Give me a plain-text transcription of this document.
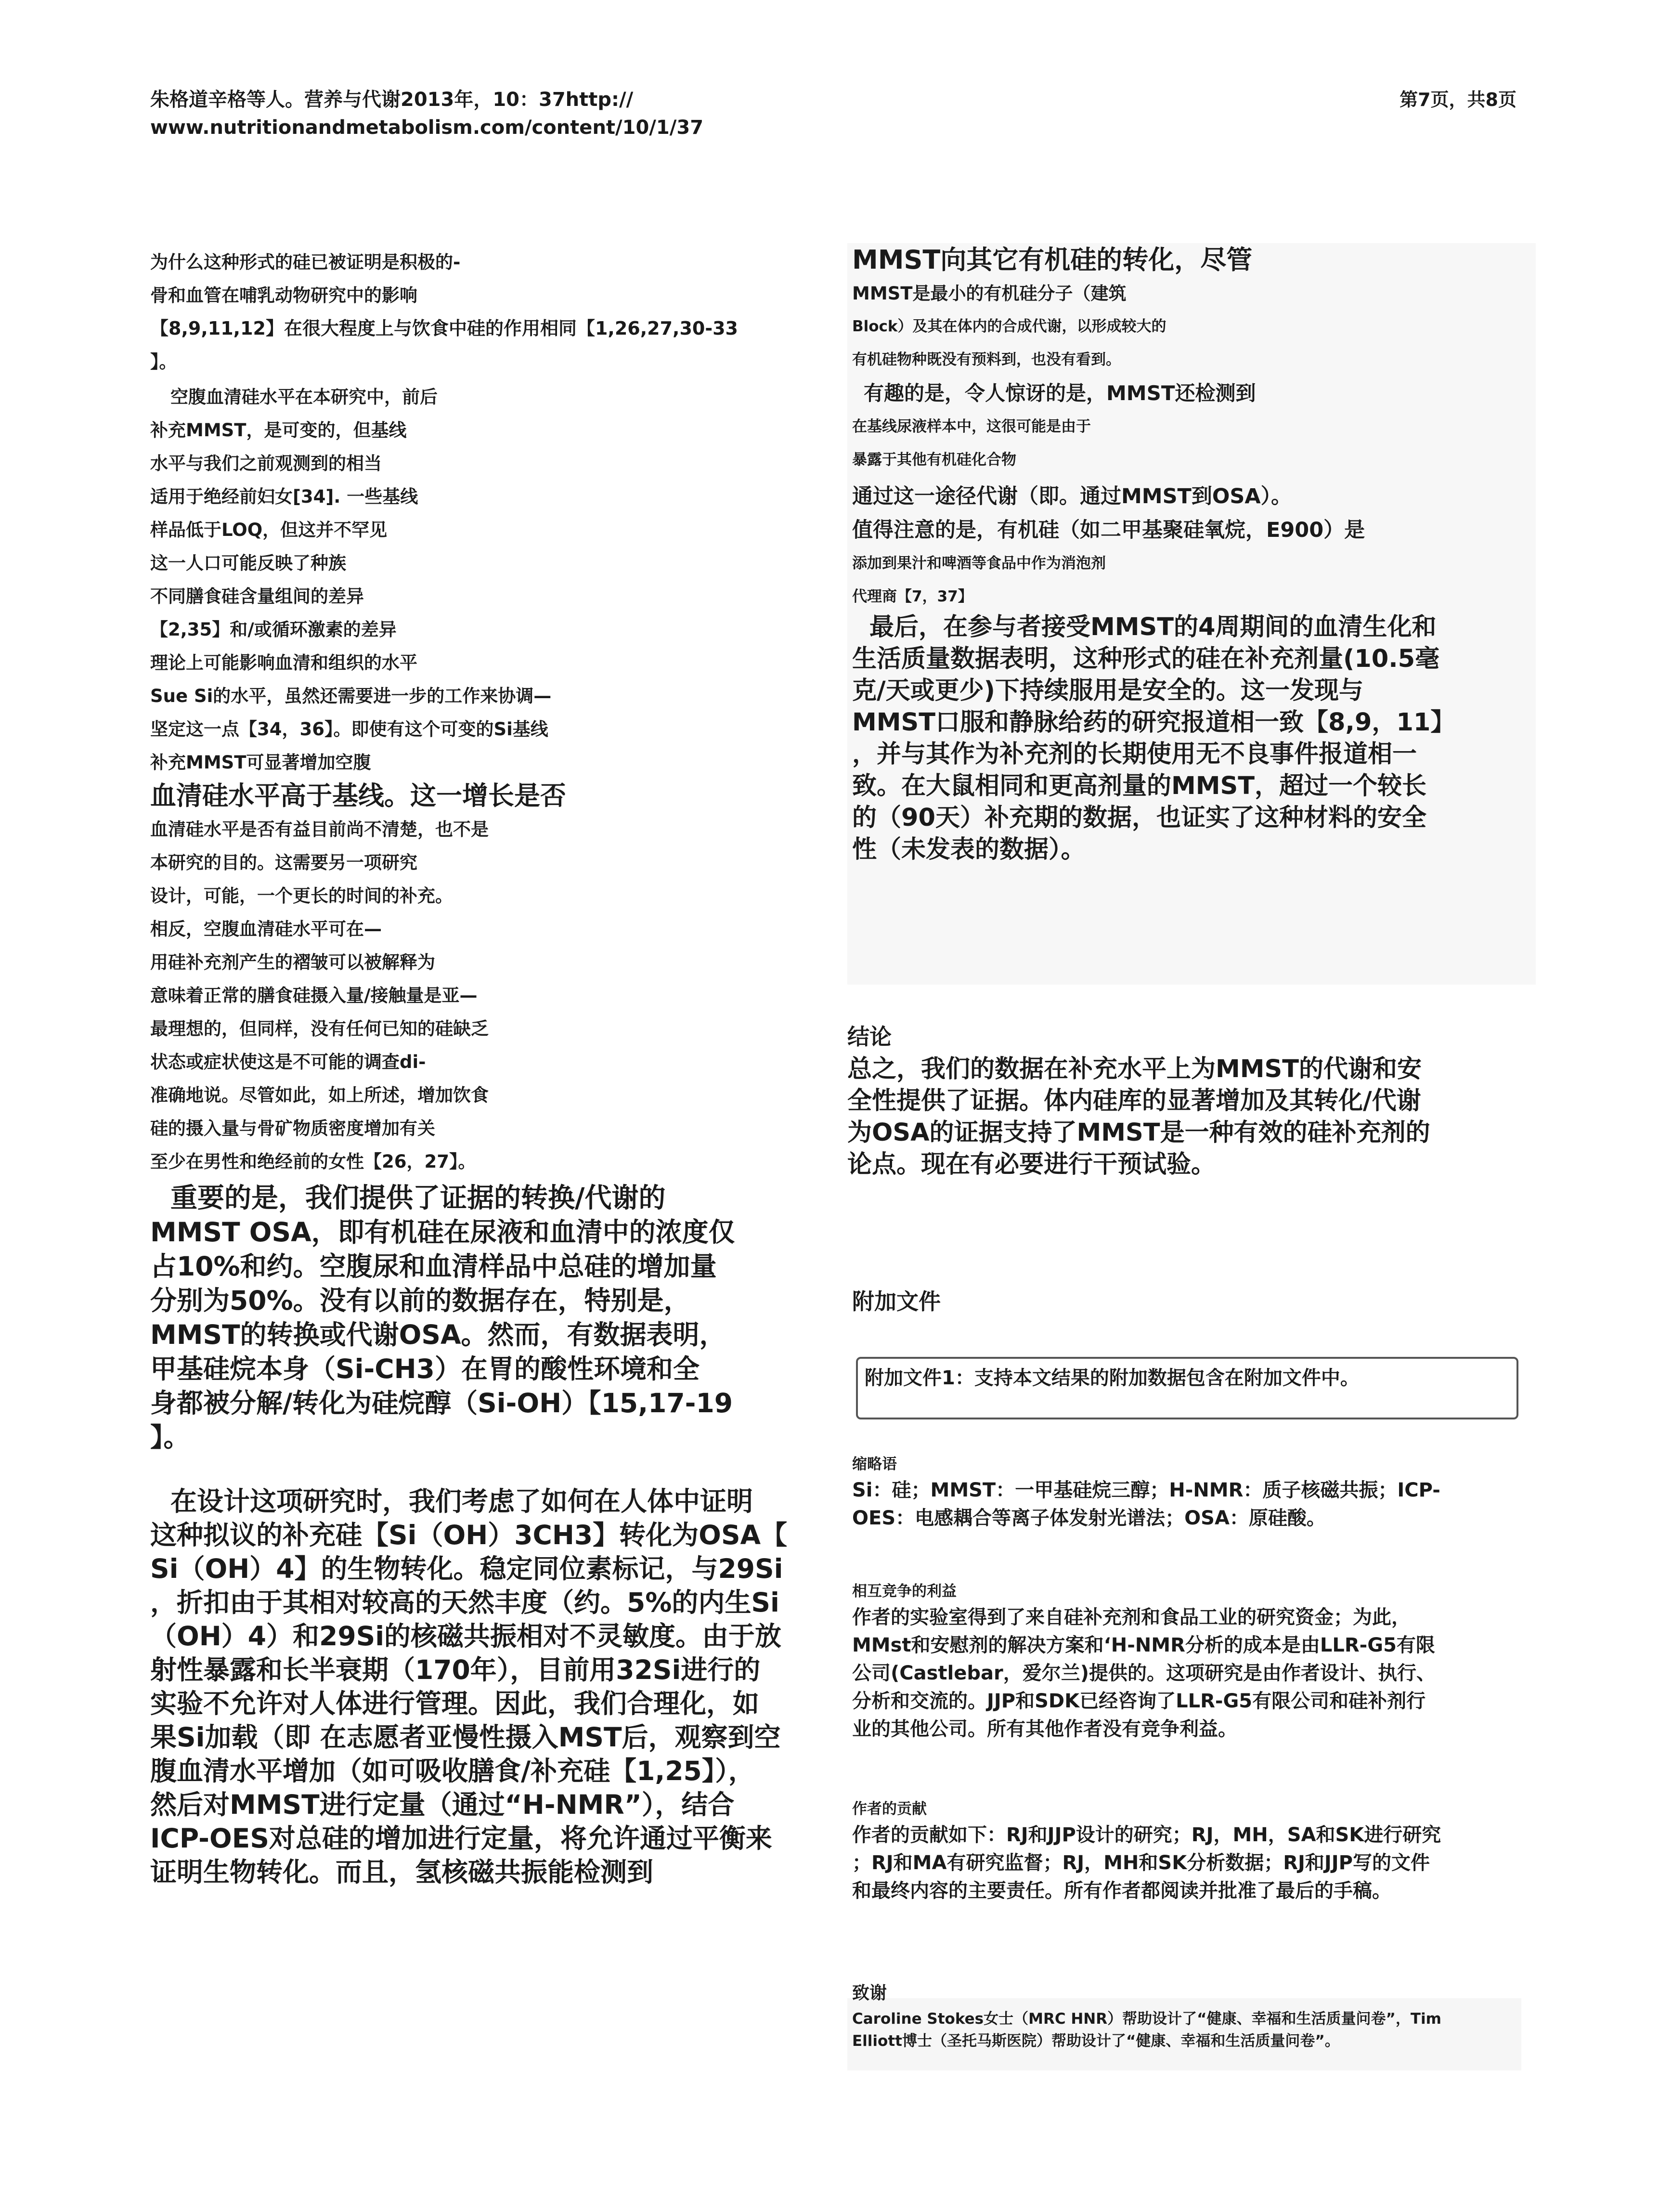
朱格道辛格等人。营养与代谢2013年，10：37http://
www.nutritionandmetabolism.com/content/10/1/37
第7页，共8页
为什么这种形式的硅已被证明是积极的-
骨和血管在哺乳动物研究中的影响
【8,9,11,12】在很大程度上与饮食中硅的作用相同【1,26,27,30-33
】。
空腹血清硅水平在本研究中，前后
补充MMST，是可变的，但基线
水平与我们之前观测到的相当
适用于绝经前妇女[34]. 一些基线
样品低于LOQ，但这并不罕见
这一人口可能反映了种族
不同膳食硅含量组间的差异
【2,35】和/或循环激素的差异
理论上可能影响血清和组织的水平
Sue Si的水平，虽然还需要进一步的工作来协调—
坚定这一点【34，36】。即使有这个可变的Si基线
补充MMST可显著增加空腹
血清硅水平高于基线。这一增长是否
血清硅水平是否有益目前尚不清楚，也不是
本研究的目的。这需要另一项研究
设计，可能，一个更长的时间的补充。
相反，空腹血清硅水平可在—
用硅补充剂产生的褶皱可以被解释为
意味着正常的膳食硅摄入量/接触量是亚—
最理想的，但同样，没有任何已知的硅缺乏
状态或症状使这是不可能的调查di-
准确地说。尽管如此，如上所述，增加饮食
硅的摄入量与骨矿物质密度增加有关
至少在男性和绝经前的女性【26，27】。
重要的是，我们提供了证据的转换/代谢的
MMST OSA，即有机硅在尿液和血清中的浓度仅
占10%和约。空腹尿和血清样品中总硅的增加量
分别为50%。没有以前的数据存在，特别是，
MMST的转换或代谢OSA。然而，有数据表明，
甲基硅烷本身（Si-CH3）在胃的酸性环境和全
身都被分解/转化为硅烷醇（Si-OH）【15,17-19
】。
在设计这项研究时，我们考虑了如何在人体中证明
这种拟议的补充硅【Si（OH）3CH3】转化为OSA【
Si（OH）4】的生物转化。稳定同位素标记，与29Si
，折扣由于其相对较高的天然丰度（约。5%的内生Si
（OH）4）和29Si的核磁共振相对不灵敏度。由于放
射性暴露和长半衰期（170年），目前用32Si进行的
实验不允许对人体进行管理。因此，我们合理化，如
果Si加载（即 在志愿者亚慢性摄入MST后，观察到空
腹血清水平增加（如可吸收膳食/补充硅【1,25】），
然后对MMST进行定量（通过“H-NMR”），结合
ICP-OES对总硅的增加进行定量，将允许通过平衡来
证明生物转化。而且，氢核磁共振能检测到
MMST向其它有机硅的转化，尽管
MMST是最小的有机硅分子（建筑
Block）及其在体内的合成代谢，以形成较大的
有机硅物种既没有预料到，也没有看到。
有趣的是，令人惊讶的是，MMST还检测到
在基线尿液样本中，这很可能是由于
暴露于其他有机硅化合物
通过这一途径代谢（即。通过MMST到OSA）。
值得注意的是，有机硅（如二甲基聚硅氧烷，E900）是
添加到果汁和啤酒等食品中作为消泡剂
代理商【7，37】
最后，在参与者接受MMST的4周期间的血清生化和
生活质量数据表明，这种形式的硅在补充剂量(10.5毫
克/天或更少)下持续服用是安全的。这一发现与
MMST口服和静脉给药的研究报道相一致【8,9，11】
，并与其作为补充剂的长期使用无不良事件报道相一
致。在大鼠相同和更高剂量的MMST，超过一个较长
的（90天）补充期的数据，也证实了这种材料的安全
性（未发表的数据）。
结论
总之，我们的数据在补充水平上为MMST的代谢和安
全性提供了证据。体内硅库的显著增加及其转化/代谢
为OSA的证据支持了MMST是一种有效的硅补充剂的
论点。现在有必要进行干预试验。
附加文件
附加文件1：支持本文结果的附加数据包含在附加文件中。
缩略语
Si：硅；MMST：一甲基硅烷三醇；H-NMR：质子核磁共振；ICP-
OES：电感耦合等离子体发射光谱法；OSA：原硅酸。
相互竞争的利益
作者的实验室得到了来自硅补充剂和食品工业的研究资金；为此，
MMst和安慰剂的解决方案和‘H-NMR分析的成本是由LLR-G5有限
公司(Castlebar，爱尔兰)提供的。这项研究是由作者设计、执行、
分析和交流的。JJP和SDK已经咨询了LLR-G5有限公司和硅补剂行
业的其他公司。所有其他作者没有竞争利益。
作者的贡献
作者的贡献如下：RJ和JJP设计的研究；RJ，MH，SA和SK进行研究
；RJ和MA有研究监督；RJ，MH和SK分析数据；RJ和JJP写的文件
和最终内容的主要责任。所有作者都阅读并批准了最后的手稿。
致谢
Caroline Stokes女士（MRC HNR）帮助设计了“健康、幸福和生活质量问卷”，Tim
Elliott博士（圣托马斯医院）帮助设计了“健康、幸福和生活质量问卷”。
